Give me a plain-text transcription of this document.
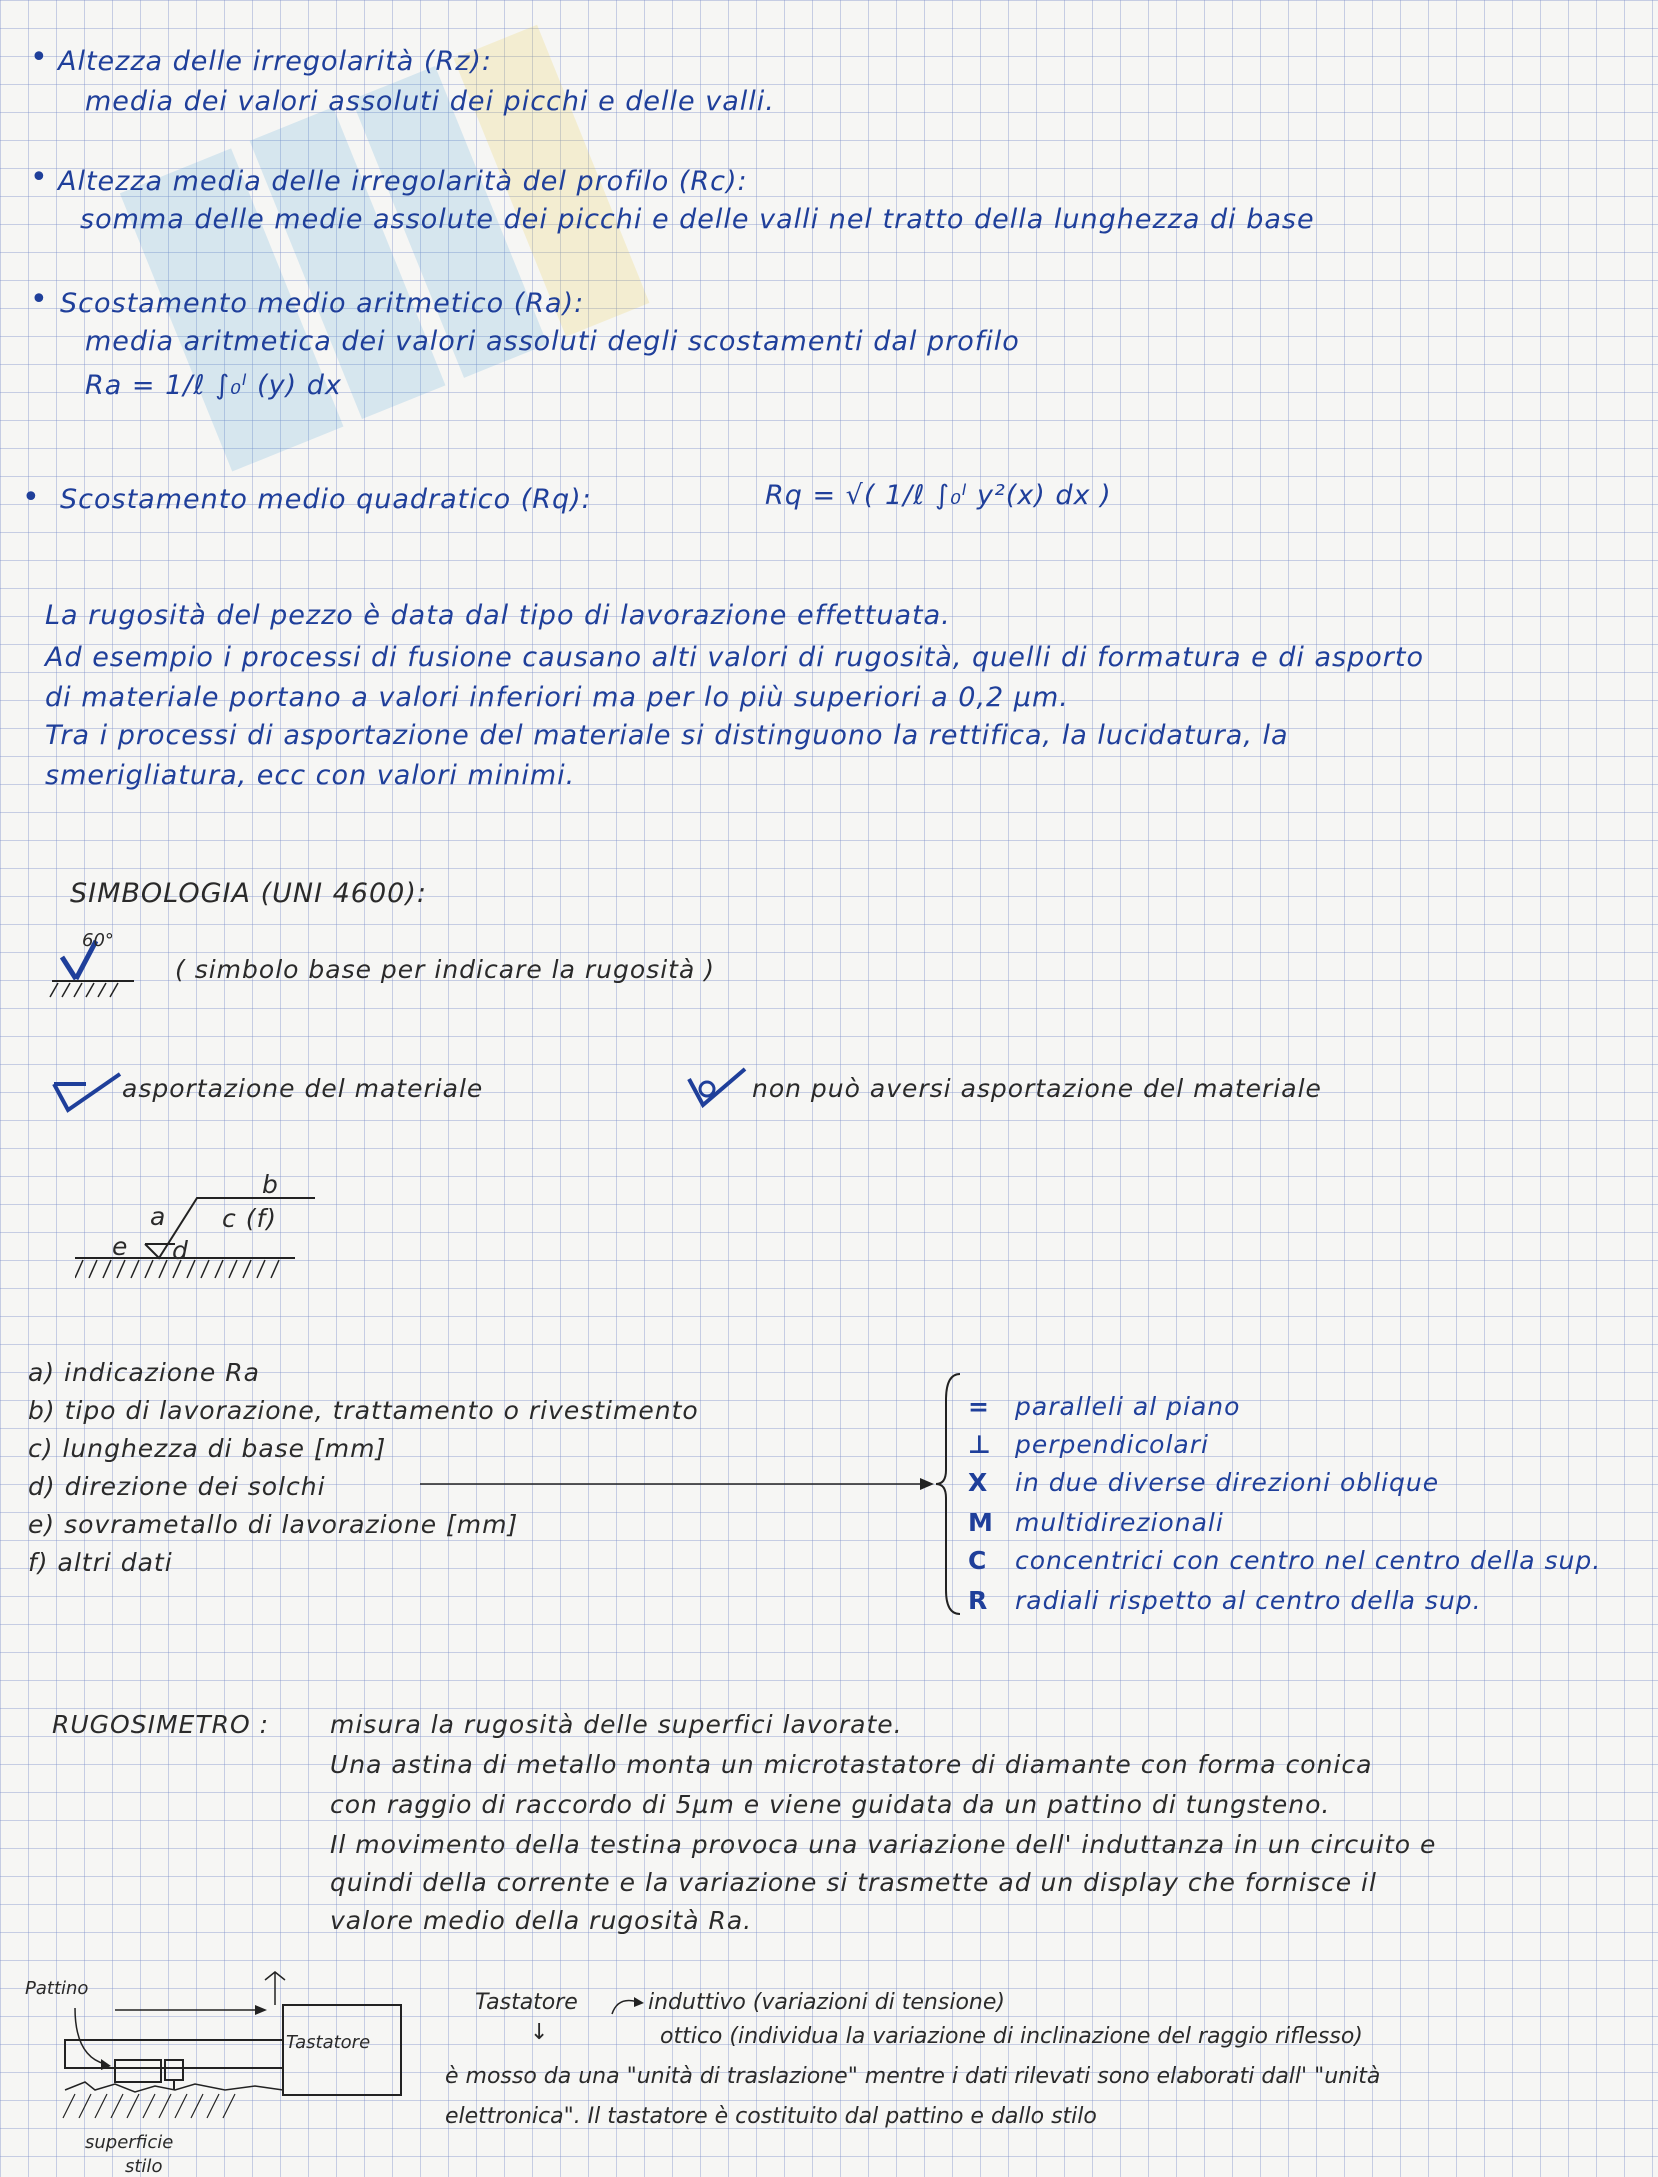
• Altezza delle irregolarità (Rz):
media dei valori assoluti dei picchi e delle valli.
• Altezza media delle irregolarità del profilo (Rc):
somma delle medie assolute dei picchi e delle valli nel tratto della lunghezza di base
• Scostamento medio aritmetico (Ra):
media aritmetica dei valori assoluti degli scostamenti dal profilo
Ra = 1/ℓ ∫₀ˡ (y) dx
• Scostamento medio quadratico (Rq):	Rq = √( 1/ℓ ∫₀ˡ y²(x) dx )
La rugosità del pezzo è data dal tipo di lavorazione effettuata.
Ad esempio i processi di fusione causano alti valori di rugosità, quelli di formatura e di asporto
di materiale portano a valori inferiori ma per lo più superiori a 0,2 µm.
Tra i processi di asportazione del materiale si distinguono la rettifica, la lucidatura, la
smerigliatura, ecc con valori minimi.
SIMBOLOGIA (UNI 4600):
60°
( simbolo base per indicare la rugosità )
asportazione del materiale	non può aversi asportazione del materiale
b
a c (f)
e d
a) indicazione Ra
b) tipo di lavorazione, trattamento o rivestimento
c) lunghezza di base [mm]
d) direzione dei solchi
e) sovrametallo di lavorazione [mm]
f) altri dati
= paralleli al piano
⊥ perpendicolari
X in due diverse direzioni oblique
M multidirezionali
C concentrici con centro nel centro della sup.
R radiali rispetto al centro della sup.
RUGOSIMETRO : misura la rugosità delle superfici lavorate.
Una astina di metallo monta un microtastatore di diamante con forma conica
con raggio di raccordo di 5µm e viene guidata da un pattino di tungsteno.
Il movimento della testina provoca una variazione dell' induttanza in un circuito e
quindi della corrente e la variazione si trasmette ad un display che fornisce il
valore medio della rugosità Ra.
Pattino
Tastatore
superficie
stilo
Tastatore	induttivo (variazioni di tensione)
↓	ottico (individua la variazione di inclinazione del raggio riflesso)
è mosso da una "unità di traslazione" mentre i dati rilevati sono elaborati dall' "unità
elettronica". Il tastatore è costituito dal pattino e dallo stilo
